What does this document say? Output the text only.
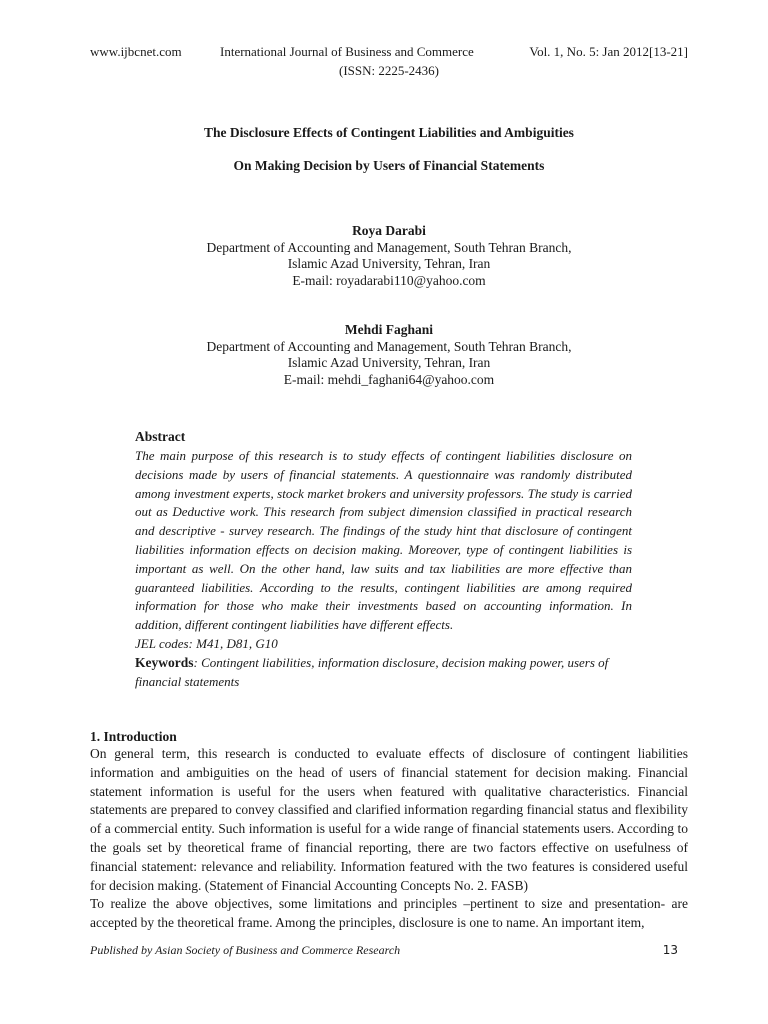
www.ijbcnet.com	International Journal of Business and Commerce	Vol. 1, No. 5: Jan 2012[13-21]
(ISSN: 2225-2436)
The Disclosure Effects of Contingent Liabilities and Ambiguities
On Making Decision by Users of Financial Statements
Roya Darabi
Department of Accounting and Management, South Tehran Branch,
Islamic Azad University, Tehran, Iran
E-mail: royadarabi110@yahoo.com
Mehdi Faghani
Department of Accounting and Management, South Tehran Branch,
Islamic Azad University, Tehran, Iran
E-mail: mehdi_faghani64@yahoo.com
Abstract

The main purpose of this research is to study effects of contingent liabilities disclosure on decisions made by users of financial statements. A questionnaire was randomly distributed among investment experts, stock market brokers and university professors. The study is carried out as Deductive work. This research from subject dimension classified in practical research and descriptive - survey research. The findings of the study hint that disclosure of contingent liabilities information effects on decision making. Moreover, type of contingent liabilities is important as well. On the other hand, law suits and tax liabilities are more effective than guaranteed liabilities. According to the results, contingent liabilities are among required information for those who make their investments based on accounting information. In addition, different contingent liabilities have different effects.

JEL codes: M41, D81, G10

Keywords: Contingent liabilities, information disclosure, decision making power, users of financial statements

1. Introduction

On general term, this research is conducted to evaluate effects of disclosure of contingent liabilities information and ambiguities on the head of users of financial statement for decision making. Financial statement information is useful for the users when featured with qualitative characteristics. Financial statements are prepared to convey classified and clarified information regarding financial status and flexibility of a commercial entity. Such information is useful for a wide range of financial statements users. According to the goals set by theoretical frame of financial reporting, there are two factors effective on usefulness of financial statement: relevance and reliability. Information featured with the two features is considered useful for decision making. (Statement of Financial Accounting Concepts No. 2. FASB)

To realize the above objectives, some limitations and principles –pertinent to size and presentation- are accepted by the theoretical frame. Among the principles, disclosure is one to name. An important item,

Published by Asian Society of Business and Commerce Research	13
